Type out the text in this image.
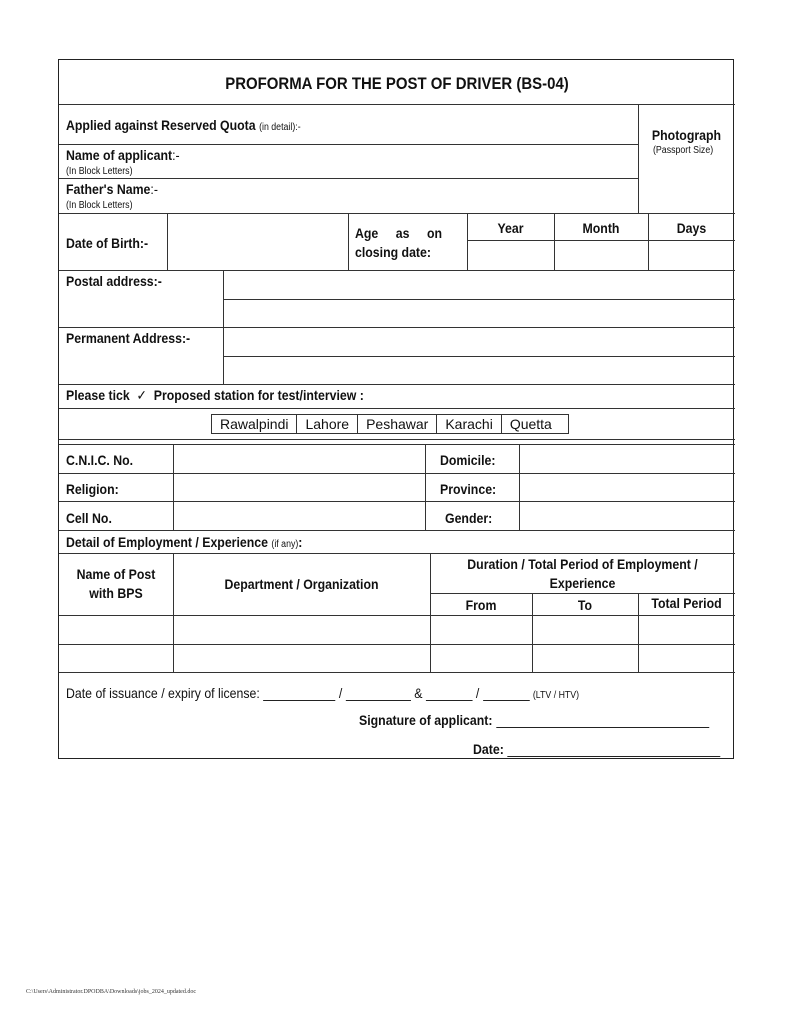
PROFORMA FOR THE POST OF DRIVER (BS-04)
Applied against Reserved Quota (in detail):-
Name of applicant:-
(In Block Letters)
Father's Name:-
(In Block Letters)
Photograph
(Passport Size)
Date of Birth:-
Age as on
closing date:
Year	Month	Days
Postal address:-
Permanent Address:-
Please tick ✓ Proposed station for test/interview :
Rawalpindi	Lahore	Peshawar	Karachi	Quetta
C.N.I.C. No.	Domicile:
Religion:	Province:
Cell No.	Gender:
Detail of Employment / Experience (if any):
Name of Post
with BPS
Department / Organization
Duration / Total Period of Employment /
Experience
From	To	Total Period
Date of issuance / expiry of license:	/	&	/	(LTV / HTV)
Signature of applicant:
Date:
C:\Users\Administrator.DPODBA\Downloads\jobs_2024_updated.doc
